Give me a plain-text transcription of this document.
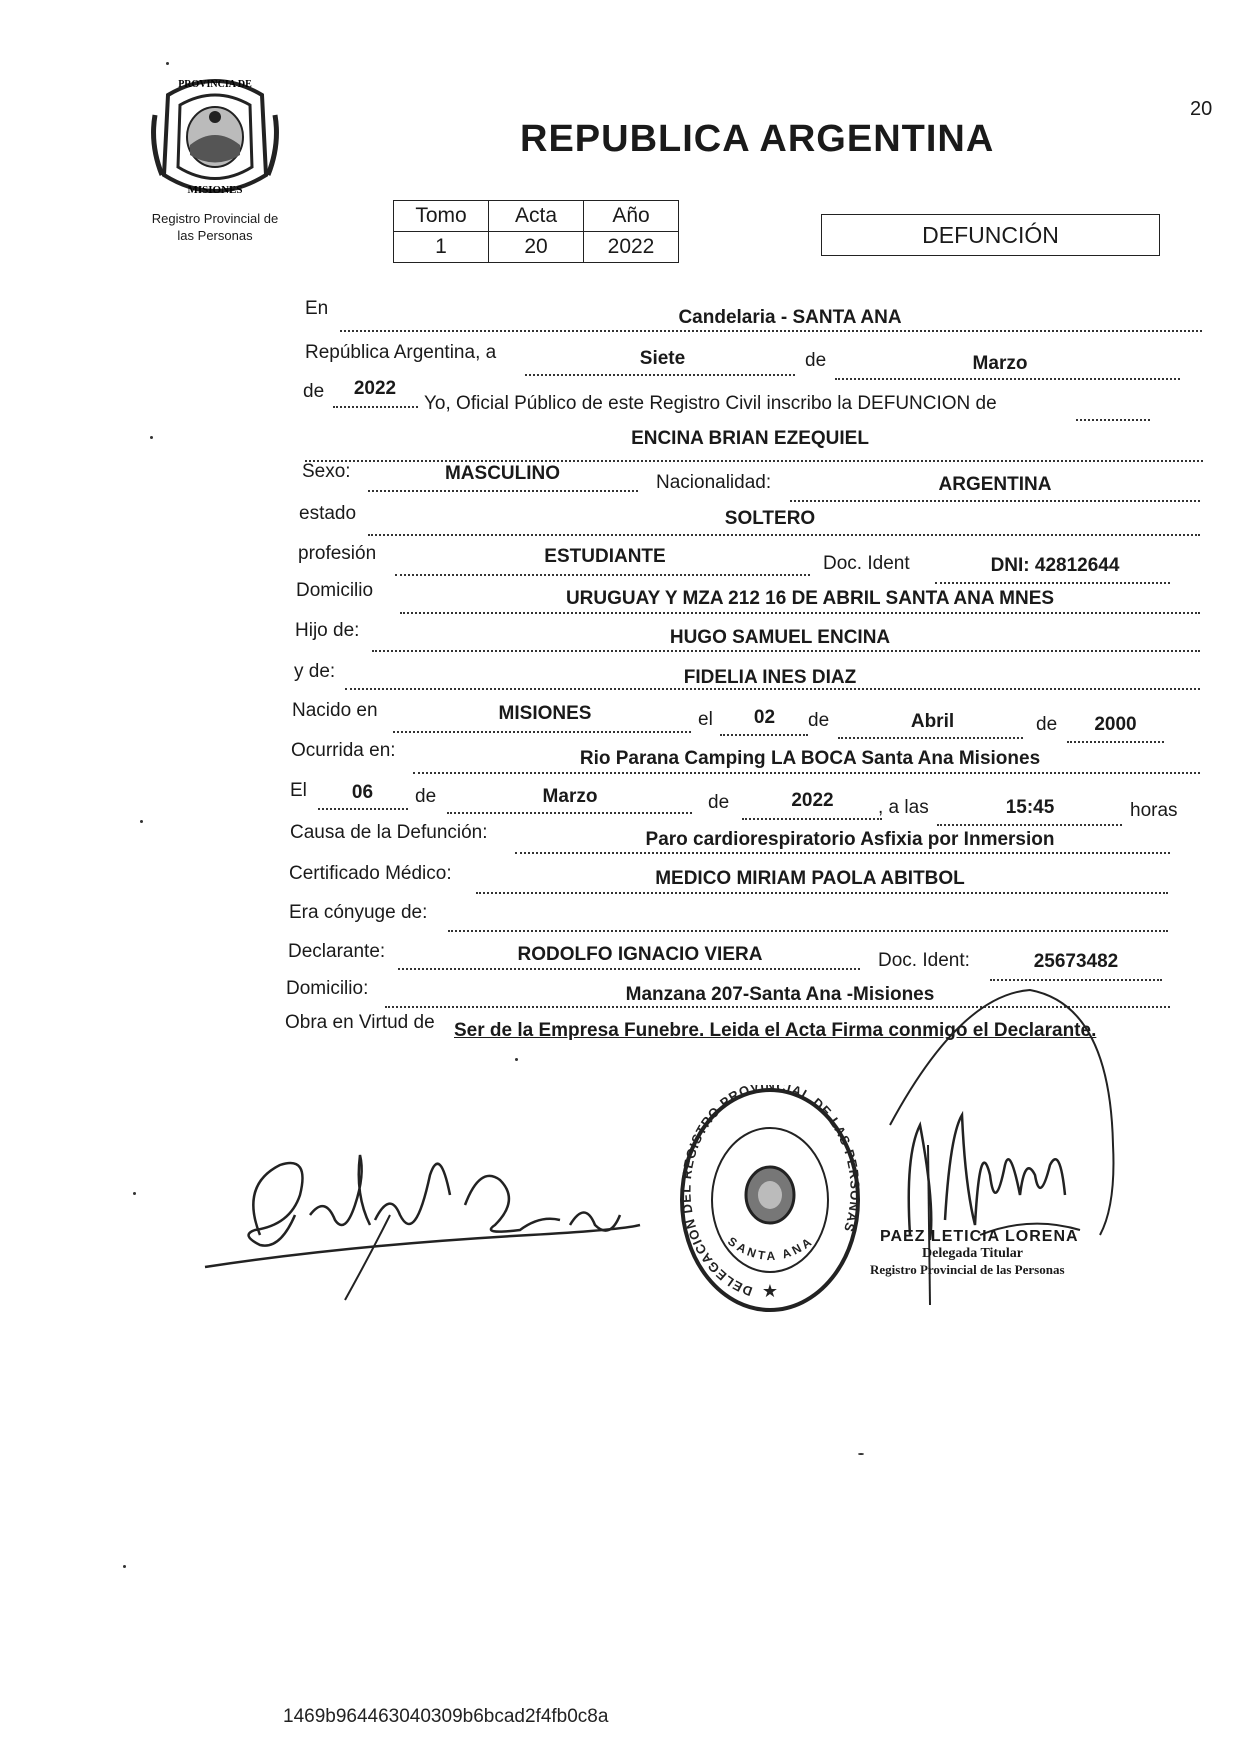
20
PROVINCIA DE
MISIONES
Registro Provincial de
las Personas
REPUBLICA ARGENTINA
Tomo	Acta	Año
1	20	2022	DEFUNCIÓN
En	Candelaria - SANTA ANA
República Argentina, a	Siete	de	Marzo
de	2022
Yo, Oficial Público de este Registro Civil inscribo la DEFUNCION de
ENCINA BRIAN EZEQUIEL
Sexo:	MASCULINO	Nacionalidad:	ARGENTINA
estado	SOLTERO
profesión	ESTUDIANTE	Doc. Ident	DNI: 42812644
Domicilio	URUGUAY Y MZA 212 16 DE ABRIL SANTA ANA MNES
Hijo de:	HUGO SAMUEL ENCINA
y de:	FIDELIA INES DIAZ
Nacido en	MISIONES	el	02	de	Abril	de	2000
Ocurrida en:	Rio Parana Camping LA BOCA Santa Ana Misiones
El	06	de	Marzo	de	2022	, a las	15:45	horas
Causa de la Defunción:	Paro cardiorespiratorio Asfixia por Inmersion
Certificado Médico:	MEDICO MIRIAM PAOLA ABITBOL
Era cónyuge de:
Declarante:	RODOLFO IGNACIO VIERA	Doc. Ident:	25673482
Domicilio:	Manzana 207-Santa Ana -Misiones
Obra en Virtud de Ser de la Empresa Funebre. Leida el Acta Firma conmigo el Declarante.
DELEGACION DEL REGISTRO PROVINCIAL DE LAS PERSONAS
SANTA ANA
★
PAEZ LETICIA LORENA
Delegada Titular
Registro Provincial de las Personas
1469b964463040309b6bcad2f4fb0c8a
